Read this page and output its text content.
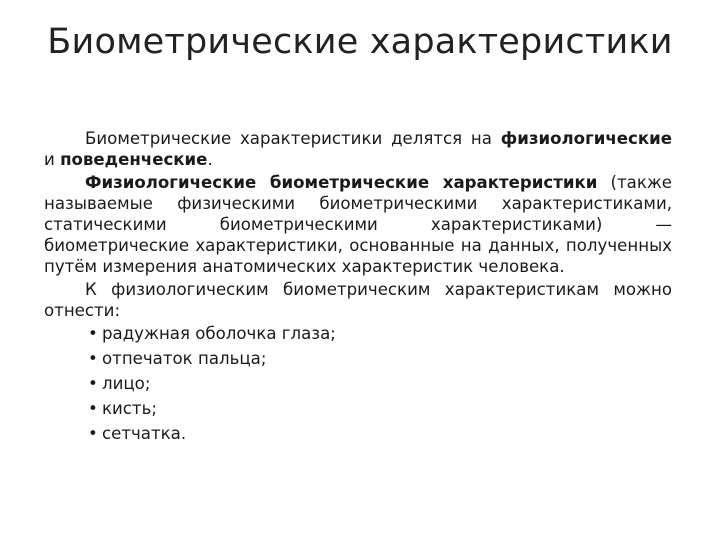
Биометрические характеристики

Биометрические характеристики делятся на физиологические и поведенческие.

Физиологические биометрические характеристики (также называемые физическими биометрическими характеристиками, статическими биометрическими характеристиками) — биометрические характеристики, основанные на данных, полученных путём измерения анатомических характеристик человека.

К физиологическим биометрическим характеристикам можно отнести:

• радужная оболочка глаза;
• отпечаток пальца;
• лицо;
• кисть;
• сетчатка.
